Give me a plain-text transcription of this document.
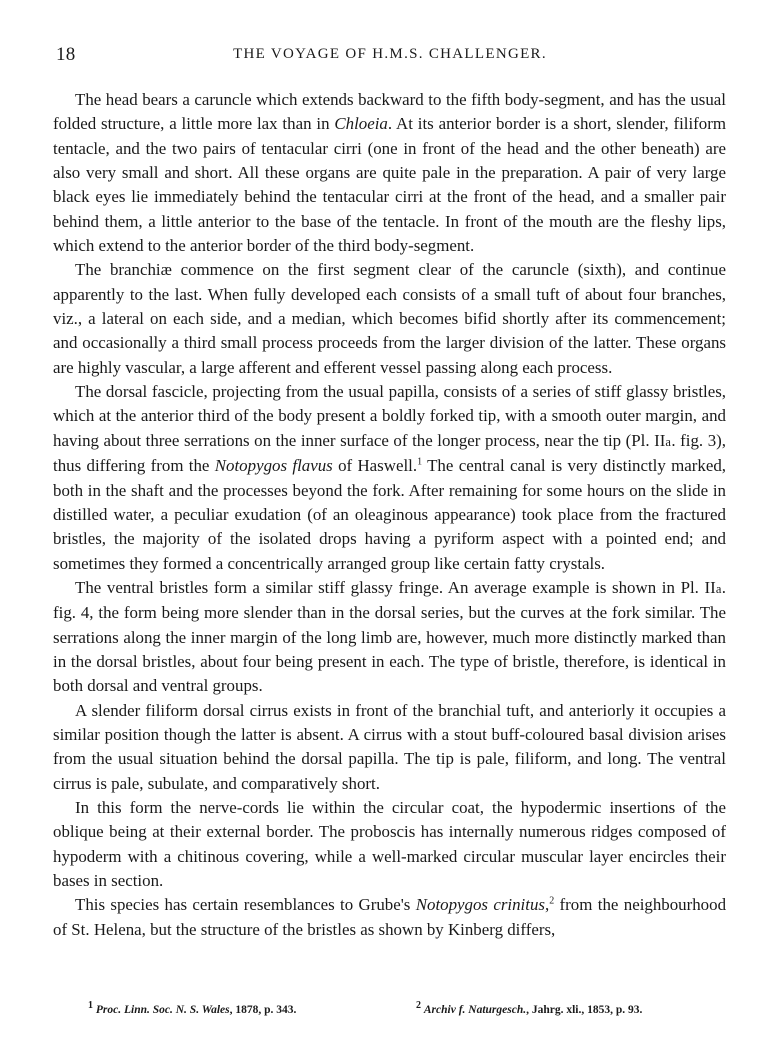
18	THE VOYAGE OF H.M.S. CHALLENGER.

The head bears a caruncle which extends backward to the fifth body-segment, and has the usual folded structure, a little more lax than in Chloeia. At its anterior border is a short, slender, filiform tentacle, and the two pairs of tentacular cirri (one in front of the head and the other beneath) are also very small and short. All these organs are quite pale in the preparation. A pair of very large black eyes lie immediately behind the tentacular cirri at the front of the head, and a smaller pair behind them, a little anterior to the base of the tentacle. In front of the mouth are the fleshy lips, which extend to the anterior border of the third body-segment.

The branchiæ commence on the first segment clear of the caruncle (sixth), and continue apparently to the last. When fully developed each consists of a small tuft of about four branches, viz., a lateral on each side, and a median, which becomes bifid shortly after its commencement; and occasionally a third small process proceeds from the larger division of the latter. These organs are highly vascular, a large afferent and efferent vessel passing along each process.

The dorsal fascicle, projecting from the usual papilla, consists of a series of stiff glassy bristles, which at the anterior third of the body present a boldly forked tip, with a smooth outer margin, and having about three serrations on the inner surface of the longer process, near the tip (Pl. IIa. fig. 3), thus differing from the Notopygos flavus of Haswell.$^1$ The central canal is very distinctly marked, both in the shaft and the processes beyond the fork. After remaining for some hours on the slide in distilled water, a peculiar exudation (of an oleaginous appearance) took place from the fractured bristles, the majority of the isolated drops having a pyriform aspect with a pointed end; and sometimes they formed a concentrically arranged group like certain fatty crystals.

The ventral bristles form a similar stiff glassy fringe. An average example is shown in Pl. IIa. fig. 4, the form being more slender than in the dorsal series, but the curves at the fork similar. The serrations along the inner margin of the long limb are, however, much more distinctly marked than in the dorsal bristles, about four being present in each. The type of bristle, therefore, is identical in both dorsal and ventral groups.

A slender filiform dorsal cirrus exists in front of the branchial tuft, and anteriorly it occupies a similar position though the latter is absent. A cirrus with a stout buff-coloured basal division arises from the usual situation behind the dorsal papilla. The tip is pale, filiform, and long. The ventral cirrus is pale, subulate, and comparatively short.

In this form the nerve-cords lie within the circular coat, the hypodermic insertions of the oblique being at their external border. The proboscis has internally numerous ridges composed of hypoderm with a chitinous covering, while a well-marked circular muscular layer encircles their bases in section.

This species has certain resemblances to Grube's Notopygos crinitus,$^2$ from the neighbourhood of St. Helena, but the structure of the bristles as shown by Kinberg differs,

$^1$ Proc. Linn. Soc. N. S. Wales, 1878, p. 343.	$^2$ Archiv f. Naturgesch., Jahrg. xli., 1853, p. 93.
